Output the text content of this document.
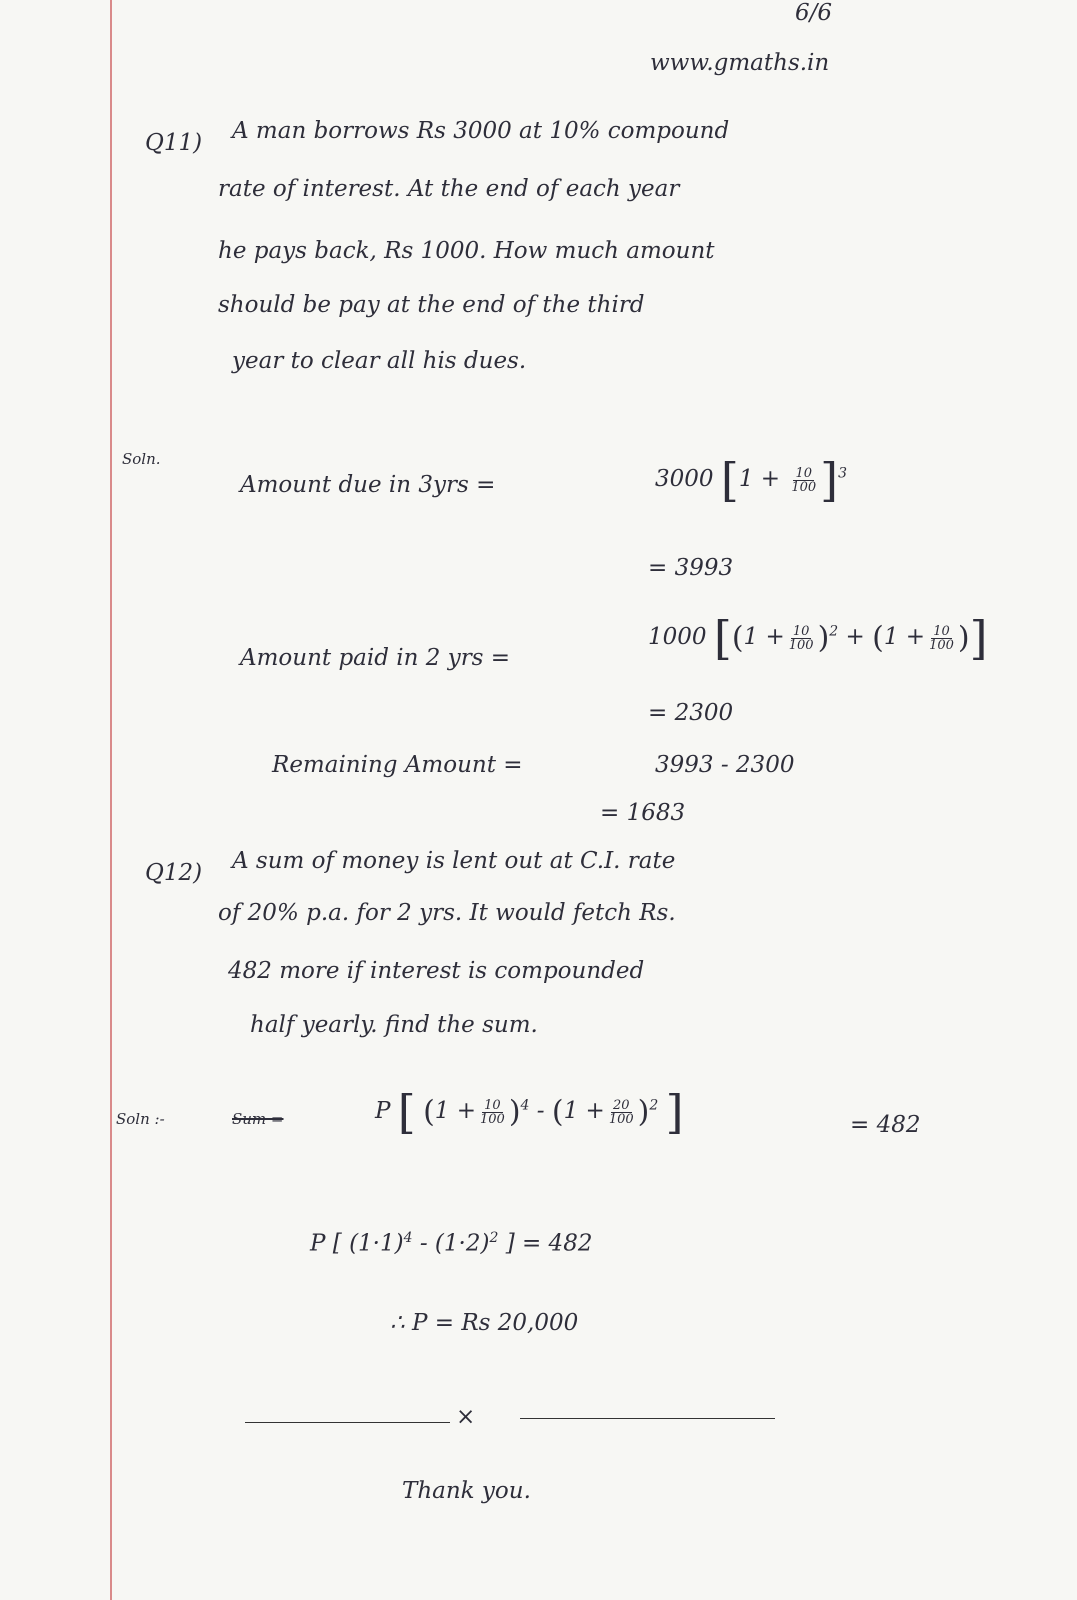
6/6
www.gmaths.in
Q11) A man borrows Rs 3000 at 10% compound
rate of interest. At the end of each year
he pays back, Rs 1000. How much amount
should be pay at the end of the third
year to clear all his dues.
Soln.
Amount due in 3yrs =	3000 $[1 + \frac{10}{100} ]^3$
= 3993
Amount paid in 2 yrs =
1000 [$(1 + \frac{10}{100} )^2 + (1 + \frac{10}{100}$ )]
= 2300
Remaining Amount =	3993 - 2300
= 1683
Q12) A sum of money is lent out at C.I. rate
of 20% p.a. for 2 yrs. It would fetch Rs.
482 more if interest is compounded
half yearly. find the sum.
Soln :-	Sum =	P [ $(1 + \frac{10}{100} )^4 - (1 + \frac{20}{100} )^2$ ]	= 482
P [ $(1\cdot 1)^4 - (1\cdot 2)^2$ ] = 482
∴ P = Rs 20,000
×
Thank you.
